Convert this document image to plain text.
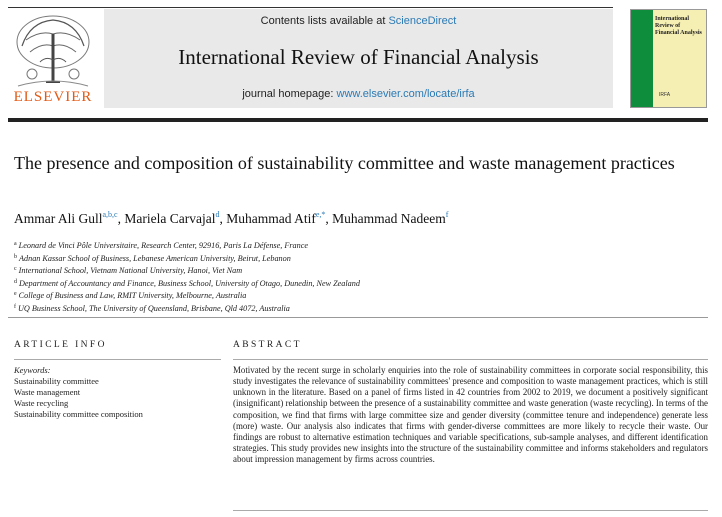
ELSEVIER
Contents lists available at ScienceDirect
International Review of Financial Analysis
journal homepage: www.elsevier.com/locate/irfa
International Review of Financial Analysis
IRFA
The presence and composition of sustainability committee and waste management practices
Ammar Ali Gull$^{a,b,c}$, Mariela Carvajal$^d$, Muhammad Atif$^{e,*}$, Muhammad Nadeem$^f$
$^a$ Leonard de Vinci Pôle Universitaire, Research Center, 92916, Paris La Défense, France
$^b$ Adnan Kassar School of Business, Lebanese American University, Beirut, Lebanon
$^c$ International School, Vietnam National University, Hanoi, Viet Nam
$^d$ Department of Accountancy and Finance, Business School, University of Otago, Dunedin, New Zealand
$^e$ College of Business and Law, RMIT University, Melbourne, Australia
$^f$ UQ Business School, The University of Queensland, Brisbane, Qld 4072, Australia
ARTICLE INFO	ABSTRACT
Keywords:
Sustainability committee
Waste management
Waste recycling
Sustainability committee composition
Motivated by the recent surge in scholarly enquiries into the role of sustainability committees in corporate social responsibility, this study investigates the relevance of sustainability committees' presence and composition to waste management practices, which is still unknown in the literature. Based on a panel of firms listed in 42 countries from 2002 to 2019, we document a positively significant (insignificant) relationship between the presence of a sustainability committee and waste generation (waste recycling). In terms of the composition, we find that firms with large committee size and gender diversity (committee tenure and independence) generate less (more) waste. Our analysis also indicates that firms with gender-diverse committees are more likely to recycle their waste. Our findings are robust to alternative estimation techniques and variable specifications, sub-sample analyses, and different identification strategies. This study provides new insights into the structure of the sustainability committee and informs stakeholders and regulators about impression management by firms across countries.
